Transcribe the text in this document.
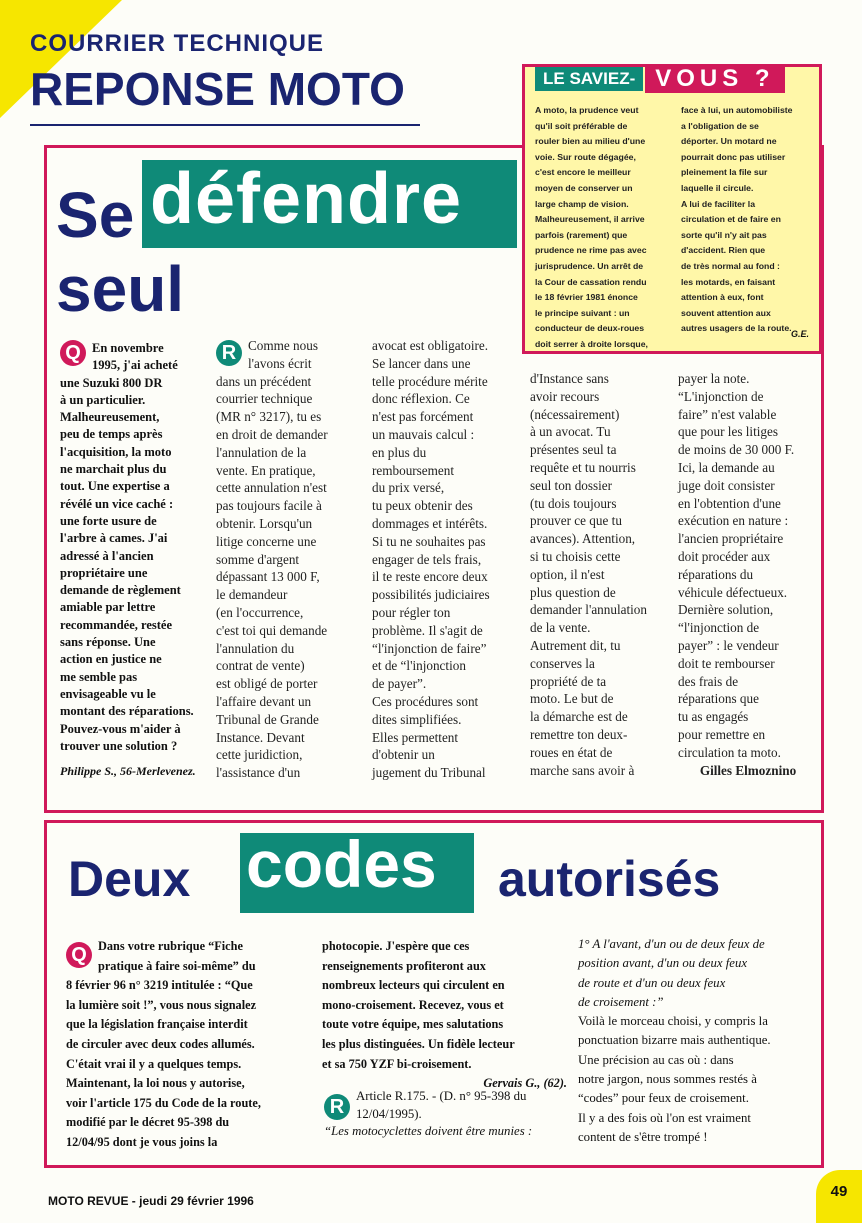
COURRIER TECHNIQUE
REPONSE MOTO	LE SAVIEZ- VOUS ?
A moto, la prudence veut
qu'il soit préférable de
rouler bien au milieu d'une
voie. Sur route dégagée,
c'est encore le meilleur
moyen de conserver un
large champ de vision.
Malheureusement, il arrive
parfois (rarement) que
prudence ne rime pas avec
jurisprudence. Un arrêt de
la Cour de cassation rendu
le 18 février 1981 énonce
le principe suivant : un
conducteur de deux-roues
doit serrer à droite lorsque,
face à lui, un automobiliste
a l'obligation de se
déporter. Un motard ne
pourrait donc pas utiliser
pleinement la file sur
laquelle il circule.
A lui de faciliter la
circulation et de faire en
sorte qu'il n'y ait pas
d'accident. Rien que
de très normal au fond :
les motards, en faisant
attention à eux, font
souvent attention aux
autres usagers de la route.
G.E.
Se défendre
seul
Q En novembre
1995, j'ai acheté
une Suzuki 800 DR
à un particulier.
Malheureusement,
peu de temps après
l'acquisition, la moto
ne marchait plus du
tout. Une expertise a
révélé un vice caché :
une forte usure de
l'arbre à cames. J'ai
adressé à l'ancien
propriétaire une
demande de règlement
amiable par lettre
recommandée, restée
sans réponse. Une
action en justice ne
me semble pas
envisageable vu le
montant des réparations.
Pouvez-vous m'aider à
trouver une solution ?
Philippe S., 56-Merlevenez.
R Comme nous
l'avons écrit
dans un précédent
courrier technique
(MR n° 3217), tu es
en droit de demander
l'annulation de la
vente. En pratique,
cette annulation n'est
pas toujours facile à
obtenir. Lorsqu'un
litige concerne une
somme d'argent
dépassant 13 000 F,
le demandeur
(en l'occurrence,
c'est toi qui demande
l'annulation du
contrat de vente)
est obligé de porter
l'affaire devant un
Tribunal de Grande
Instance. Devant
cette juridiction,
l'assistance d'un
avocat est obligatoire.
Se lancer dans une
telle procédure mérite
donc réflexion. Ce
n'est pas forcément
un mauvais calcul :
en plus du
remboursement
du prix versé,
tu peux obtenir des
dommages et intérêts.
Si tu ne souhaites pas
engager de tels frais,
il te reste encore deux
possibilités judiciaires
pour régler ton
problème. Il s'agit de
“l'injonction de faire”
et de “l'injonction
de payer”.
Ces procédures sont
dites simplifiées.
Elles permettent
d'obtenir un
jugement du Tribunal
d'Instance sans
avoir recours
(nécessairement)
à un avocat. Tu
présentes seul ta
requête et tu nourris
seul ton dossier
(tu dois toujours
prouver ce que tu
avances). Attention,
si tu choisis cette
option, il n'est
plus question de
demander l'annulation
de la vente.
Autrement dit, tu
conserves la
propriété de ta
moto. Le but de
la démarche est de
remettre ton deux-
roues en état de
marche sans avoir à
payer la note.
“L'injonction de
faire” n'est valable
que pour les litiges
de moins de 30 000 F.
Ici, la demande au
juge doit consister
en l'obtention d'une
exécution en nature :
l'ancien propriétaire
doit procéder aux
réparations du
véhicule défectueux.
Dernière solution,
“l'injonction de
payer” : le vendeur
doit te rembourser
des frais de
réparations que
tu as engagés
pour remettre en
circulation ta moto.
Gilles Elmoznino
Deux codes autorisés
Q Dans votre rubrique “Fiche
pratique à faire soi-même” du
8 février 96 n° 3219 intitulée : “Que
la lumière soit !”, vous nous signalez
que la législation française interdit
de circuler avec deux codes allumés.
C'était vrai il y a quelques temps.
Maintenant, la loi nous y autorise,
voir l'article 175 du Code de la route,
modifié par le décret 95-398 du
12/04/95 dont je vous joins la
photocopie. J'espère que ces
renseignements profiteront aux
nombreux lecteurs qui circulent en
mono-croisement. Recevez, vous et
toute votre équipe, mes salutations
les plus distinguées. Un fidèle lecteur
et sa 750 YZF bi-croisement.
Gervais G., (62).
R Article R.175. - (D. n° 95-398 du
12/04/1995).
“Les motocyclettes doivent être munies :
1° A l'avant, d'un ou de deux feux de
position avant, d'un ou deux feux
de route et d'un ou deux feux
de croisement :”
Voilà le morceau choisi, y compris la
ponctuation bizarre mais authentique.
Une précision au cas où : dans
notre jargon, nous sommes restés à
“codes” pour feux de croisement.
Il y a des fois où l'on est vraiment
content de s'être trompé !
MOTO REVUE - jeudi 29 février 1996
49
